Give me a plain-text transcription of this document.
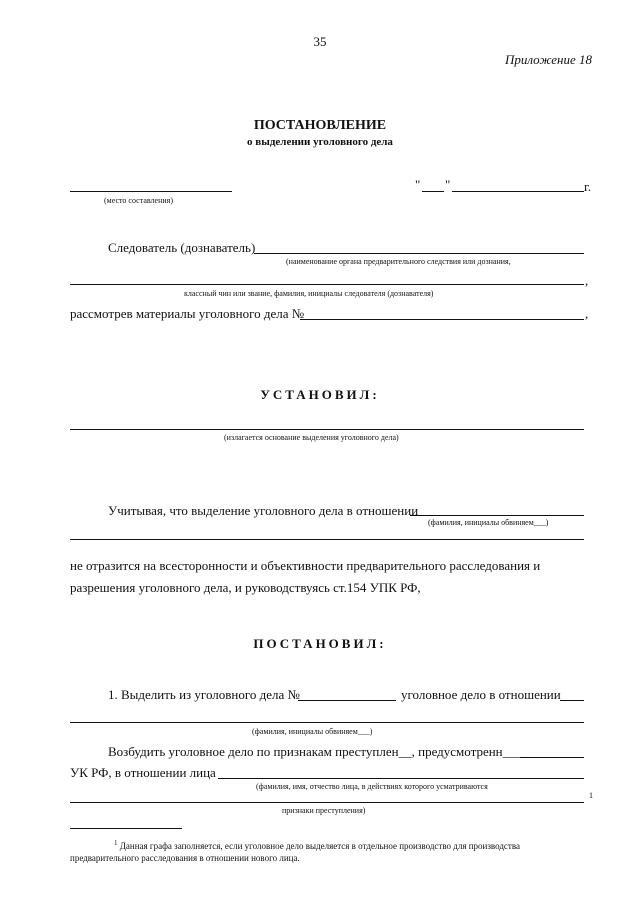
35
Приложение 18
ПОСТАНОВЛЕНИЕ
о выделении уголовного дела
(место составления)
" "	г.
Следователь (дознаватель)
(наименование органа предварительного следствия или дознания,
,
классный чин или звание, фамилия, инициалы следователя (дознавателя)
рассмотрев материалы уголовного дела №	,
УСТАНОВИЛ:
(излагается основание выделения уголовного дела)
Учитывая, что выделение уголовного дела в отношении
(фамилия, инициалы обвиняем___)
не отразится на всесторонности и объективности предварительного расследования и
разрешения уголовного дела, и руководствуясь ст.154 УПК РФ,
ПОСТАНОВИЛ:
1. Выделить из уголовного дела №	уголовное дело в отношении
(фамилия, инициалы обвиняем___)
Возбудить уголовное дело по признакам преступлен__, предусмотренн___
УК РФ, в отношении лица
(фамилия, имя, отчество лица, в действиях которого усматриваются
1
признаки преступления)
$^1$ Данная графа заполняется, если уголовное дело выделяется в отдельное производство для производства
предварительного расследования в отношении нового лица.
